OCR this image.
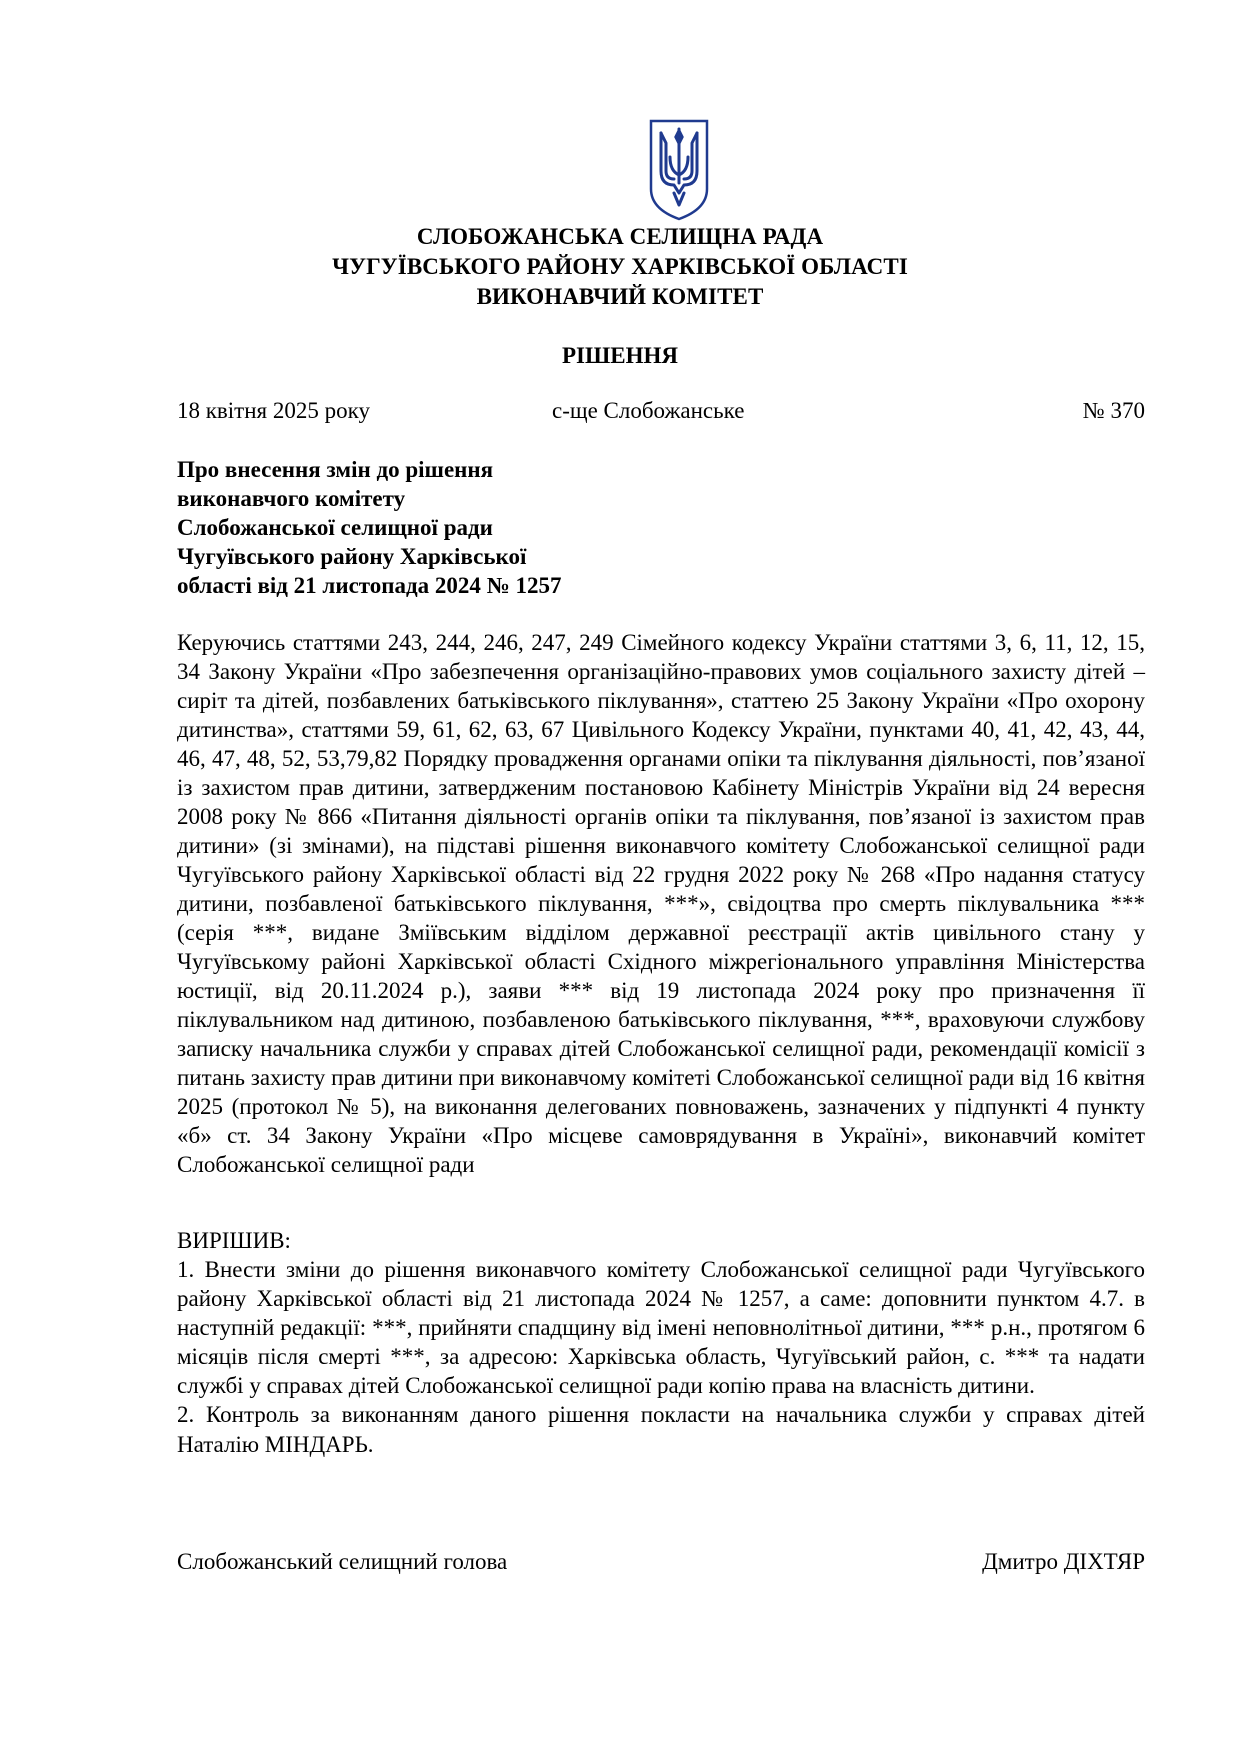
СЛОБОЖАНСЬКА СЕЛИЩНА РАДА
ЧУГУЇВСЬКОГО РАЙОНУ ХАРКІВСЬКОЇ ОБЛАСТІ
ВИКОНАВЧИЙ КОМІТЕТ
РІШЕННЯ
18 квітня 2025 року	с-ще Слобожанське	№ 370
Про внесення змін до рішення
виконавчого комітету
Слобожанської селищної ради
Чугуївського району Харківської
області від 21 листопада 2024 № 1257
Керуючись статтями 243, 244, 246, 247, 249 Сімейного кодексу України статтями 3, 6, 11, 12, 15, 34 Закону України «Про забезпечення організаційно-правових умов соціального захисту дітей – сиріт та дітей, позбавлених батьківського піклування», статтею 25 Закону України «Про охорону дитинства», статтями 59, 61, 62, 63, 67 Цивільного Кодексу України, пунктами 40, 41, 42, 43, 44, 46, 47, 48, 52, 53,79,82 Порядку провадження органами опіки та піклування діяльності, пов’язаної із захистом прав дитини, затвердженим постановою Кабінету Міністрів України від 24 вересня 2008 року № 866 «Питання діяльності органів опіки та піклування, пов’язаної із захистом прав дитини» (зі змінами), на підставі рішення виконавчого комітету Слобожанської селищної ради Чугуївського району Харківської області від 22 грудня 2022 року № 268 «Про надання статусу дитини, позбавленої батьківського піклування, ***», свідоцтва про смерть піклувальника *** (серія ***, видане Зміївським відділом державної реєстрації актів цивільного стану у Чугуївському районі Харківської області Східного міжрегіонального управління Міністерства юстиції, від 20.11.2024 р.), заяви *** від 19 листопада 2024 року про призначення її піклувальником над дитиною, позбавленою батьківського піклування, ***, враховуючи службову записку начальника служби у справах дітей Слобожанської селищної ради, рекомендації комісії з питань захисту прав дитини при виконавчому комітеті Слобожанської селищної ради від 16 квітня 2025 (протокол № 5), на виконання делегованих повноважень, зазначених у підпункті 4 пункту «б» ст. 34 Закону України «Про місцеве самоврядування в Україні», виконавчий комітет Слобожанської селищної ради
ВИРІШИВ:

1. Внести зміни до рішення виконавчого комітету Слобожанської селищної ради Чугуївського району Харківської області від 21 листопада 2024 № 1257, а саме: доповнити пунктом 4.7. в наступній редакції: ***, прийняти спадщину від імені неповнолітньої дитини, *** р.н., протягом 6 місяців після смерті ***, за адресою: Харківська область, Чугуївський район, с. *** та надати службі у справах дітей Слобожанської селищної ради копію права на власність дитини.

2. Контроль за виконанням даного рішення покласти на начальника служби у справах дітей Наталію МІНДАРЬ.

Слобожанський селищний голова	Дмитро ДІХТЯР
